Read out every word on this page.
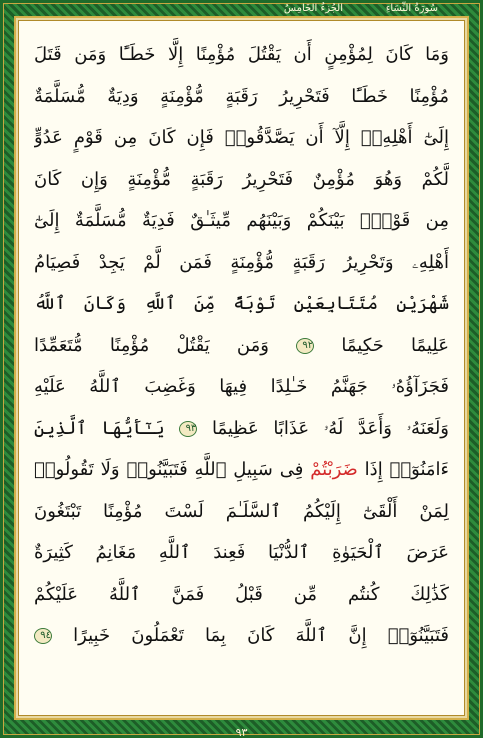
الجُزءُ الخَامِسُ	سُورَةُ النِّسَاءِ
وَمَا كَانَ لِمُؤْمِنٍ أَن يَقْتُلَ مُؤْمِنًا إِلَّا خَطَـًٔا وَمَن قَتَلَ
مُؤْمِنًا خَطَـًٔا فَتَحْرِيرُ رَقَبَةٍ مُّؤْمِنَةٍ وَدِيَةٌ مُّسَلَّمَةٌ
إِلَىٰٓ أَهْلِهِۦٓ إِلَّآ أَن يَصَّدَّقُوا۟ فَإِن كَانَ مِن قَوْمٍ عَدُوٍّ
لَّكُمْ وَهُوَ مُؤْمِنٌ فَتَحْرِيرُ رَقَبَةٍ مُّؤْمِنَةٍ وَإِن كَانَ
مِن قَوْمٍۭ بَيْنَكُمْ وَبَيْنَهُم مِّيثَـٰقٌ فَدِيَةٌ مُّسَلَّمَةٌ إِلَىٰٓ
أَهْلِهِۦ وَتَحْرِيرُ رَقَبَةٍ مُّؤْمِنَةٍ فَمَن لَّمْ يَجِدْ فَصِيَامُ
شَهْرَيْنِ مُتَتَابِعَيْنِ تَوْبَةً مِّنَ ٱللَّهِ وَكَانَ ٱللَّهُ
عَلِيمًا حَكِيمًا ٩٢ وَمَن يَقْتُلْ مُؤْمِنًا مُّتَعَمِّدًا
فَجَزَآؤُهُۥ جَهَنَّمُ خَـٰلِدًا فِيهَا وَغَضِبَ ٱللَّهُ عَلَيْهِ
وَلَعَنَهُۥ وَأَعَدَّ لَهُۥ عَذَابًا عَظِيمًا ٩٣ يَـٰٓأَيُّهَا ٱلَّذِينَ
ءَامَنُوٓا۟ إِذَا ضَرَبْتُمْ فِى سَبِيلِ ٱللَّهِ فَتَبَيَّنُوا۟ وَلَا تَقُولُوا۟
لِمَنْ أَلْقَىٰٓ إِلَيْكُمُ ٱلسَّلَـٰمَ لَسْتَ مُؤْمِنًا تَبْتَغُونَ
عَرَضَ ٱلْحَيَوٰةِ ٱلدُّنْيَا فَعِندَ ٱللَّهِ مَغَانِمُ كَثِيرَةٌ
كَذَٰلِكَ كُنتُم مِّن قَبْلُ فَمَنَّ ٱللَّهُ عَلَيْكُمْ
فَتَبَيَّنُوٓا۟ إِنَّ ٱللَّهَ كَانَ بِمَا تَعْمَلُونَ خَبِيرًا ٩٤
٩٣
